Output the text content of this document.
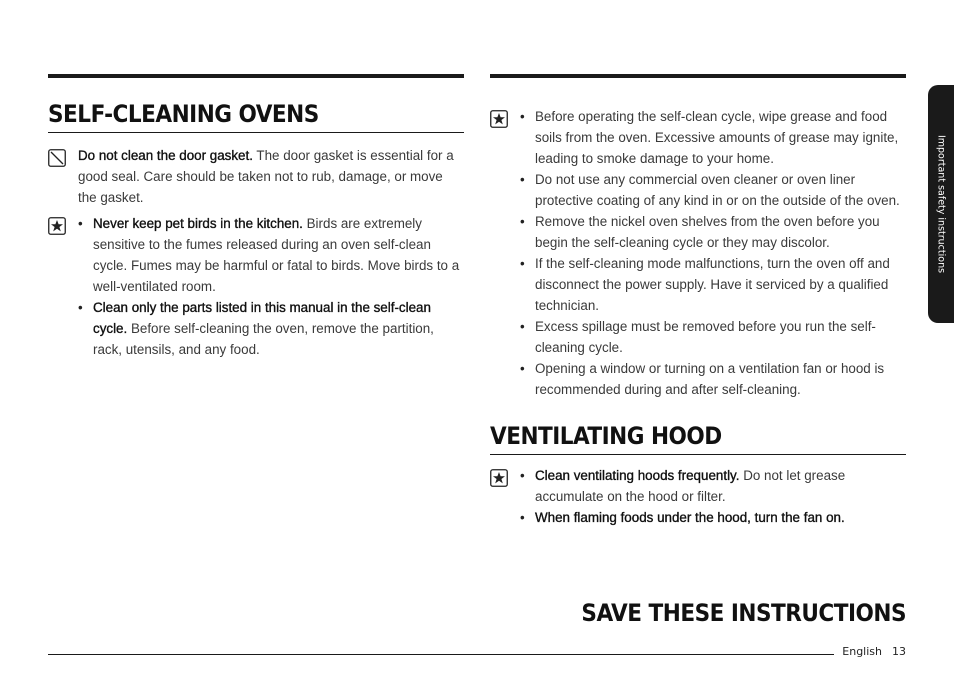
SELF-CLEANING OVENS
Do not clean the door gasket. The door gasket is essential for a good seal. Care should be taken not to rub, damage, or move the gasket.
• Never keep pet birds in the kitchen. Birds are extremely sensitive to the fumes released during an oven self-clean cycle. Fumes may be harmful or fatal to birds. Move birds to a well-ventilated room.
• Clean only the parts listed in this manual in the self-clean cycle. Before self-cleaning the oven, remove the partition, rack, utensils, and any food.
• Before operating the self-clean cycle, wipe grease and food soils from the oven. Excessive amounts of grease may ignite, leading to smoke damage to your home.
• Do not use any commercial oven cleaner or oven liner protective coating of any kind in or on the outside of the oven.
• Remove the nickel oven shelves from the oven before you begin the self-cleaning cycle or they may discolor.
• If the self-cleaning mode malfunctions, turn the oven off and disconnect the power supply. Have it serviced by a qualified technician.
• Excess spillage must be removed before you run the self-cleaning cycle.
• Opening a window or turning on a ventilation fan or hood is recommended during and after self-cleaning.
VENTILATING HOOD
• Clean ventilating hoods frequently. Do not let grease accumulate on the hood or filter.
• When flaming foods under the hood, turn the fan on.
Important safety instructions
SAVE THESE INSTRUCTIONS
English 13
